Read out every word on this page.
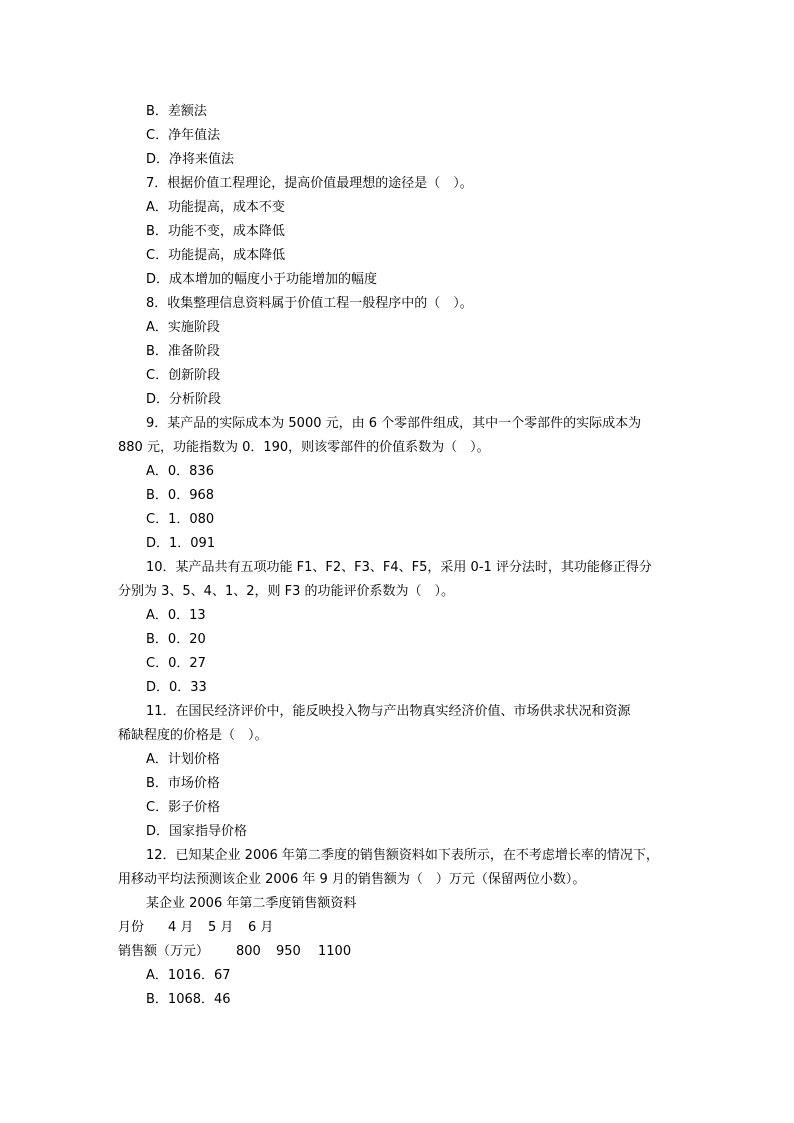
B．差额法
C．净年值法
D．净将来值法
7．根据价值工程理论，提高价值最理想的途径是（　）。
A．功能提高，成本不变
B．功能不变，成本降低
C．功能提高，成本降低
D．成本增加的幅度小于功能增加的幅度
8．收集整理信息资料属于价值工程一般程序中的（　）。
A．实施阶段
B．准备阶段
C．创新阶段
D．分析阶段
9．某产品的实际成本为 5000 元，由 6 个零部件组成，其中一个零部件的实际成本为
880 元，功能指数为 0．190，则该零部件的价值系数为（　）。
A．0．836
B．0．968
C．1．080
D．1．091
10．某产品共有五项功能 F1、F2、F3、F4、F5，采用 0-1 评分法时，其功能修正得分
分别为 3、5、4、1、2，则 F3 的功能评价系数为（　）。
A．0．13
B．0．20
C．0．27
D．0．33
11．在国民经济评价中，能反映投入物与产出物真实经济价值、市场供求状况和资源
稀缺程度的价格是（　）。
A．计划价格
B．市场价格
C．影子价格
D．国家指导价格
12．已知某企业 2006 年第二季度的销售额资料如下表所示，在不考虑增长率的情况下，
用移动平均法预测该企业 2006 年 9 月的销售额为（　）万元（保留两位小数）。
某企业 2006 年第二季度销售额资料
月份 4 月 5 月 6 月
销售额（万元） 800 950 1100
A．1016．67
B．1068．46
